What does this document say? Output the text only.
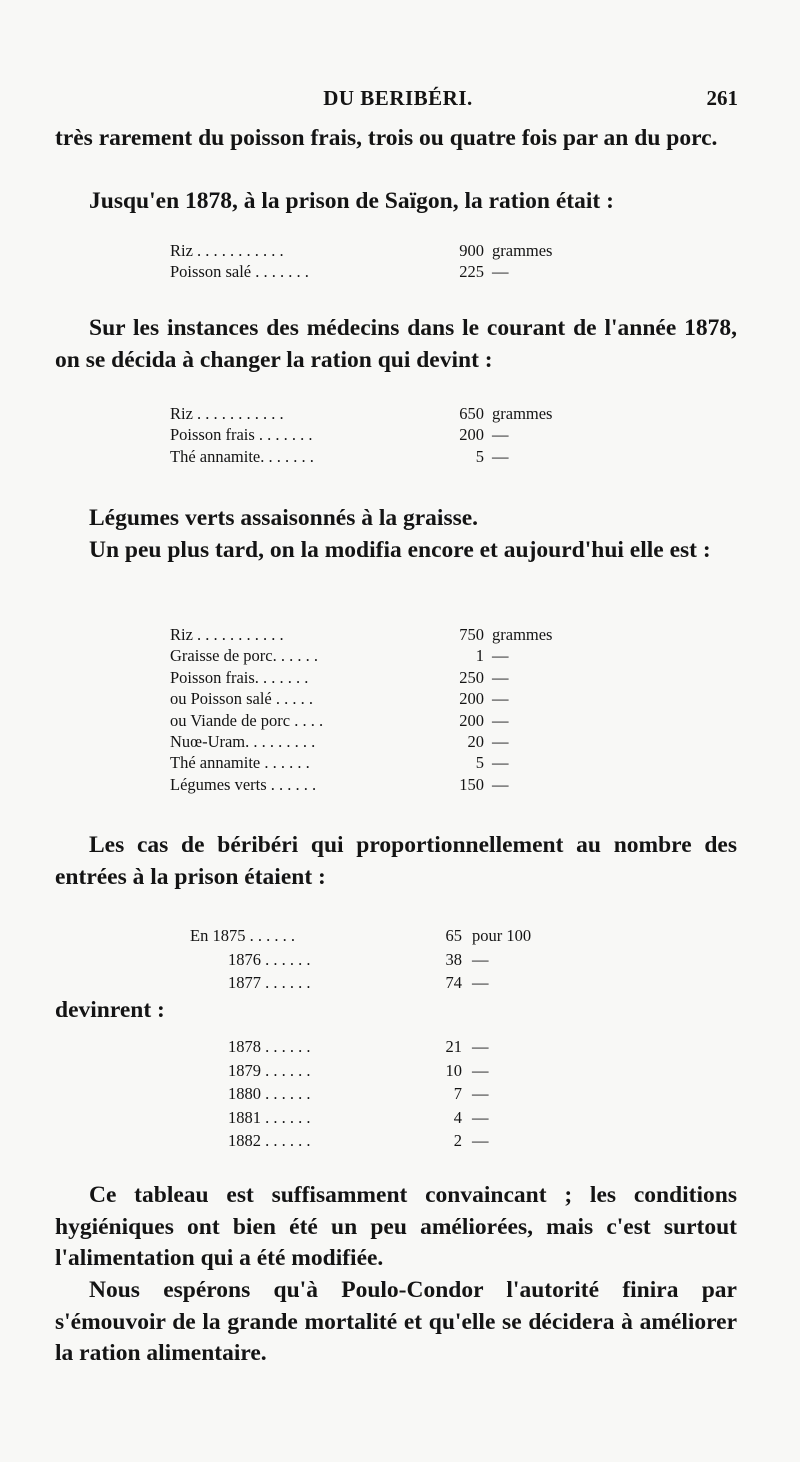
DU BERIBÉRI.	261

très rarement du poisson frais, trois ou quatre fois par an du porc.

Jusqu'en 1878, à la prison de Saïgon, la ration était :

Riz . . . . . . . . . . .	900 grammes
Poisson salé . . . . . . .	225 —

Sur les instances des médecins dans le courant de l'année 1878, on se décida à changer la ration qui devint :

Riz . . . . . . . . . . .	650 grammes
Poisson frais . . . . . . .	200 —
Thé annamite. . . . . . .	5 —

Légumes verts assaisonnés à la graisse.

Un peu plus tard, on la modifia encore et aujourd'hui elle est :

Riz . . . . . . . . . . .	750 grammes
Graisse de porc. . . . . .	1 —
Poisson frais. . . . . . .	250 —
ou Poisson salé . . . . .	200 —
ou Viande de porc . . . .	200 —
Nuœ-Uram. . . . . . . . .	20 —
Thé annamite . . . . . .	5 —
Légumes verts . . . . . .	150 —

Les cas de béribéri qui proportionnellement au nombre des entrées à la prison étaient :

En 1875 . . . . . .	65 pour 100
1876 . . . . . .	38 —
1877 . . . . . .	74 —

devinrent :

1878 . . . . . .	21 —
1879 . . . . . .	10 —
1880 . . . . . .	7 —
1881 . . . . . .	4 —
1882 . . . . . .	2 —

Ce tableau est suffisamment convaincant ; les conditions hygiéniques ont bien été un peu améliorées, mais c'est surtout l'alimentation qui a été modifiée.

Nous espérons qu'à Poulo-Condor l'autorité finira par s'émouvoir de la grande mortalité et qu'elle se décidera à améliorer la ration alimentaire.
